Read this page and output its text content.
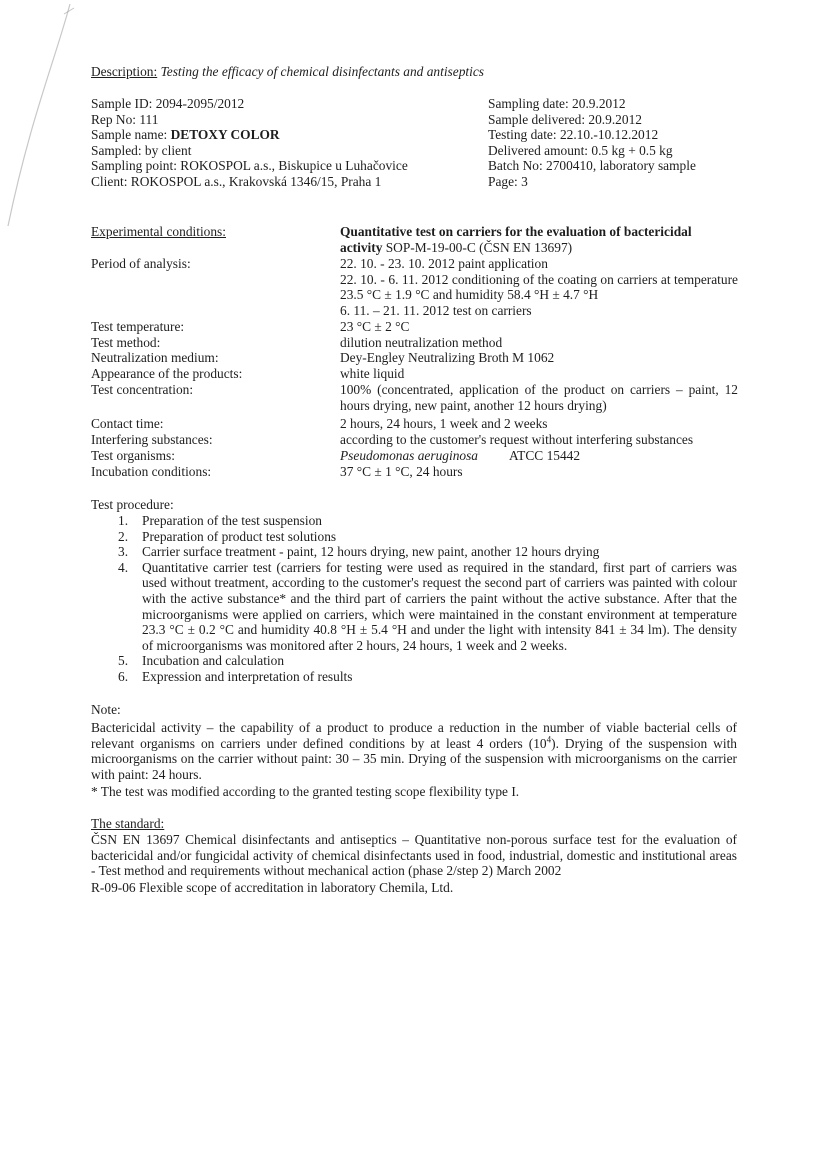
Description: Testing the efficacy of chemical disinfectants and antiseptics
Sample ID: 2094-2095/2012
Rep No: 111
Sample name: DETOXY COLOR
Sampled: by client
Sampling point: ROKOSPOL a.s., Biskupice u Luhačovice
Client: ROKOSPOL a.s., Krakovská 1346/15, Praha 1
Sampling date: 20.9.2012
Sample delivered: 20.9.2012
Testing date: 22.10.-10.12.2012
Delivered amount: 0.5 kg + 0.5 kg
Batch No: 2700410, laboratory sample
Page: 3
Experimental conditions:	Quantitative test on carriers for the evaluation of bactericidal
activity SOP-M-19-00-C (ČSN EN 13697)
Period of analysis:	22. 10. - 23. 10. 2012 paint application
22. 10. - 6. 11. 2012 conditioning of the coating on carriers at temperature 23.5 °C ± 1.9 °C and humidity 58.4 °H ± 4.7 °H
6. 11. – 21. 11. 2012 test on carriers
Test temperature:	23 °C ± 2 °C
Test method:	dilution neutralization method
Neutralization medium:	Dey-Engley Neutralizing Broth M 1062
Appearance of the products:	white liquid
Test concentration:	100% (concentrated, application of the product on carriers – paint, 12 hours drying, new paint, another 12 hours drying)
Contact time:	2 hours, 24 hours, 1 week and 2 weeks
Interfering substances:	according to the customer's request without interfering substances
Test organisms:	Pseudomonas aeruginosa ATCC 15442
Incubation conditions:	37 °C ± 1 °C, 24 hours
Test procedure:
1. Preparation of the test suspension
2. Preparation of product test solutions
3. Carrier surface treatment - paint, 12 hours drying, new paint, another 12 hours drying
4. Quantitative carrier test (carriers for testing were used as required in the standard, first part of carriers was used without treatment, according to the customer's request the second part of carriers was painted with colour with the active substance* and the third part of carriers the paint without the active substance. After that the microorganisms were applied on carriers, which were maintained in the constant environment at temperature 23.3 °C ± 0.2 °C and humidity 40.8 °H ± 5.4 °H and under the light with intensity 841 ± 34 lm). The density of microorganisms was monitored after 2 hours, 24 hours, 1 week and 2 weeks.
5. Incubation and calculation
6. Expression and interpretation of results
Note:
Bactericidal activity – the capability of a product to produce a reduction in the number of viable bacterial cells of relevant organisms on carriers under defined conditions by at least 4 orders $(10^4)$. Drying of the suspension with microorganisms on the carrier without paint: 30 – 35 min. Drying of the suspension with microorganisms on the carrier with paint: 24 hours.
* The test was modified according to the granted testing scope flexibility type I.
The standard:
ČSN EN 13697 Chemical disinfectants and antiseptics – Quantitative non-porous surface test for the evaluation of bactericidal and/or fungicidal activity of chemical disinfectants used in food, industrial, domestic and institutional areas - Test method and requirements without mechanical action (phase 2/step 2) March 2002
R-09-06 Flexible scope of accreditation in laboratory Chemila, Ltd.
